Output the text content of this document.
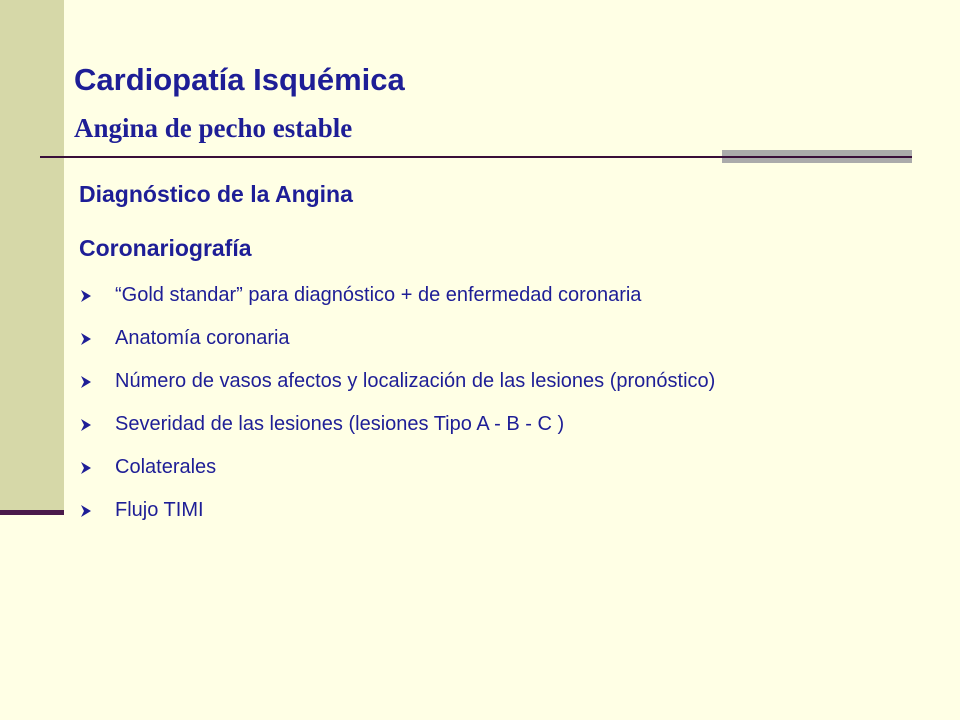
Cardiopatía Isquémica
Angina de pecho estable
Diagnóstico de la Angina
Coronariografía
“Gold standar” para diagnóstico + de enfermedad coronaria
Anatomía coronaria
Número de vasos afectos y localización de las lesiones (pronóstico)
Severidad de las lesiones (lesiones Tipo A - B - C )
Colaterales
Flujo TIMI
